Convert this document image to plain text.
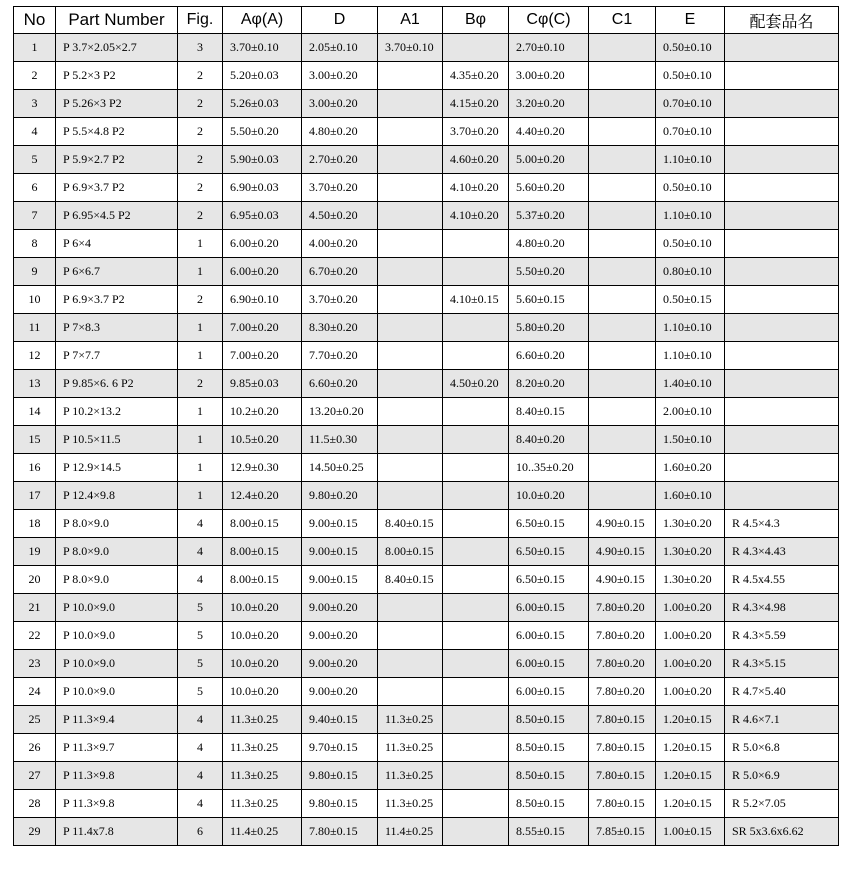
No	Part Number	Fig.	Aφ(A)	D	A1	Bφ	Cφ(C)	C1	E	配套品名
1	P 3.7×2.05×2.7	3	3.70±0.10	2.05±0.10	3.70±0.10		2.70±0.10		0.50±0.10	
2	P 5.2×3 P2	2	5.20±0.03	3.00±0.20		4.35±0.20	3.00±0.20		0.50±0.10	
3	P 5.26×3 P2	2	5.26±0.03	3.00±0.20		4.15±0.20	3.20±0.20		0.70±0.10	
4	P 5.5×4.8 P2	2	5.50±0.20	4.80±0.20		3.70±0.20	4.40±0.20		0.70±0.10	
5	P 5.9×2.7 P2	2	5.90±0.03	2.70±0.20		4.60±0.20	5.00±0.20		1.10±0.10	
6	P 6.9×3.7 P2	2	6.90±0.03	3.70±0.20		4.10±0.20	5.60±0.20		0.50±0.10	
7	P 6.95×4.5 P2	2	6.95±0.03	4.50±0.20		4.10±0.20	5.37±0.20		1.10±0.10	
8	P 6×4	1	6.00±0.20	4.00±0.20			4.80±0.20		0.50±0.10	
9	P 6×6.7	1	6.00±0.20	6.70±0.20			5.50±0.20		0.80±0.10	
10	P 6.9×3.7 P2	2	6.90±0.10	3.70±0.20		4.10±0.15	5.60±0.15		0.50±0.15	
11	P 7×8.3	1	7.00±0.20	8.30±0.20			5.80±0.20		1.10±0.10	
12	P 7×7.7	1	7.00±0.20	7.70±0.20			6.60±0.20		1.10±0.10	
13	P 9.85×6. 6 P2	2	9.85±0.03	6.60±0.20		4.50±0.20	8.20±0.20		1.40±0.10	
14	P 10.2×13.2	1	10.2±0.20	13.20±0.20			8.40±0.15		2.00±0.10	
15	P 10.5×11.5	1	10.5±0.20	11.5±0.30			8.40±0.20		1.50±0.10	
16	P 12.9×14.5	1	12.9±0.30	14.50±0.25			10..35±0.20		1.60±0.20	
17	P 12.4×9.8	1	12.4±0.20	9.80±0.20			10.0±0.20		1.60±0.10	
18	P 8.0×9.0	4	8.00±0.15	9.00±0.15	8.40±0.15		6.50±0.15	4.90±0.15	1.30±0.20	R 4.5×4.3
19	P 8.0×9.0	4	8.00±0.15	9.00±0.15	8.00±0.15		6.50±0.15	4.90±0.15	1.30±0.20	R 4.3×4.43
20	P 8.0×9.0	4	8.00±0.15	9.00±0.15	8.40±0.15		6.50±0.15	4.90±0.15	1.30±0.20	R 4.5x4.55
21	P 10.0×9.0	5	10.0±0.20	9.00±0.20			6.00±0.15	7.80±0.20	1.00±0.20	R 4.3×4.98
22	P 10.0×9.0	5	10.0±0.20	9.00±0.20			6.00±0.15	7.80±0.20	1.00±0.20	R 4.3×5.59
23	P 10.0×9.0	5	10.0±0.20	9.00±0.20			6.00±0.15	7.80±0.20	1.00±0.20	R 4.3×5.15
24	P 10.0×9.0	5	10.0±0.20	9.00±0.20			6.00±0.15	7.80±0.20	1.00±0.20	R 4.7×5.40
25	P 11.3×9.4	4	11.3±0.25	9.40±0.15	11.3±0.25		8.50±0.15	7.80±0.15	1.20±0.15	R 4.6×7.1
26	P 11.3×9.7	4	11.3±0.25	9.70±0.15	11.3±0.25		8.50±0.15	7.80±0.15	1.20±0.15	R 5.0×6.8
27	P 11.3×9.8	4	11.3±0.25	9.80±0.15	11.3±0.25		8.50±0.15	7.80±0.15	1.20±0.15	R 5.0×6.9
28	P 11.3×9.8	4	11.3±0.25	9.80±0.15	11.3±0.25		8.50±0.15	7.80±0.15	1.20±0.15	R 5.2×7.05
29	P 11.4x7.8	6	11.4±0.25	7.80±0.15	11.4±0.25		8.55±0.15	7.85±0.15	1.00±0.15	SR 5x3.6x6.62
